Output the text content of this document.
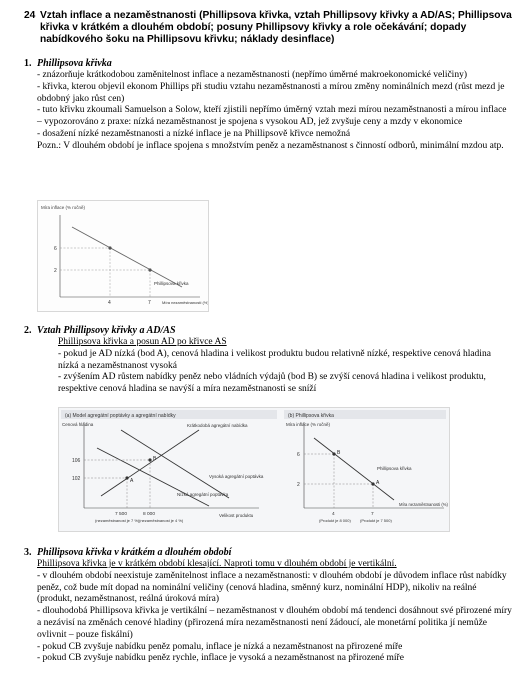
24 Vztah inflace a nezaměstnanosti (Phillipsova křivka, vztah Phillipsovy křivky a AD/AS; Phillipsova křivka v krátkém a dlouhém období; posuny Phillipsovy křivky a role očekávání; dopady nabídkového šoku na Phillipsovu křivku; náklady desinflace)
1. Phillipsova křivka

- znázorňuje krátkodobou zaměnitelnost inflace a nezaměstnanosti (nepřímo úměrné makroekonomické veličiny)

- křivka, kterou objevil ekonom Phillips při studiu vztahu nezaměstnanosti a mírou změny nominálních mezd (růst mezd je obdobný jako růst cen)

- tuto křivku zkoumali Samuelson a Solow, kteří zjistili nepřímo úměrný vztah mezi mírou nezaměstnanosti a mírou inflace – vypozorováno z praxe: nízká nezaměstnanost je spojena s vysokou AD, jež zvyšuje ceny a mzdy v ekonomice

- dosažení nízké nezaměstnanosti a nízké inflace je na Phillipsově křivce nemožná

Pozn.: V dlouhém období je inflace spojena s množstvím peněz a nezaměstnanost s činností odborů, minimální mzdou atp.

Míra inflace (% ročně)
6
2
4	7
Phillipsova křivka
Míra nezaměstnanosti (%)
2. Vztah Phillipsovy křivky a AD/AS

Phillipsova křivka a posun AD po křivce AS

- pokud je AD nízká (bod A), cenová hladina i velikost produktu budou relativně nízké, respektive cenová hladina nízká a nezaměstnanost vysoká

- zvýšením AD růstem nabídky peněz nebo vládních výdajů (bod B) se zvýší cenová hladina i velikost produktu, respektive cenová hladina se navýší a míra nezaměstnanosti se sníží

(a) Model agregátní poptávky a agregátní nabídky
Cenová hladina
A
B
106
102
7 500	8 000
(nezaměstnanost je 7 %) (nezaměstnanost je 4 %)
Velikost produktu
Krátkodobá agregátní nabídka
Vysoká agregátní poptávka
Nízká agregátní poptávka
(b) Phillipsova křivka
Míra inflace (% ročně)
B
A
6
2
4	7
(Produkt je 8 000) (Produkt je 7 500)
Míra nezaměstnanosti (%)
Phillipsova křivka
3. Phillipsova křivka v krátkém a dlouhém období

Phillipsova křivka je v krátkém období klesající. Naproti tomu v dlouhém období je vertikální.

- v dlouhém období neexistuje zaměnitelnost inflace a nezaměstnanosti: v dlouhém období je důvodem inflace růst nabídky peněz, což bude mít dopad na nominální veličiny (cenová hladina, směnný kurz, nominální HDP), nikoliv na reálné (produkt, nezaměstnanost, reálná úroková míra)

- dlouhodobá Phillipsova křivka je vertikální – nezaměstnanost v dlouhém období má tendenci dosáhnout své přirozené míry a nezávisí na změnách cenové hladiny (přirozená míra nezaměstnanosti není žádoucí, ale monetární politika jí nemůže ovlivnit – pouze fiskální)

- pokud CB zvyšuje nabídku peněz pomalu, inflace je nízká a nezaměstnanost na přirozené míře

- pokud CB zvyšuje nabídku peněz rychle, inflace je vysoká a nezaměstnanost na přirozené míře
